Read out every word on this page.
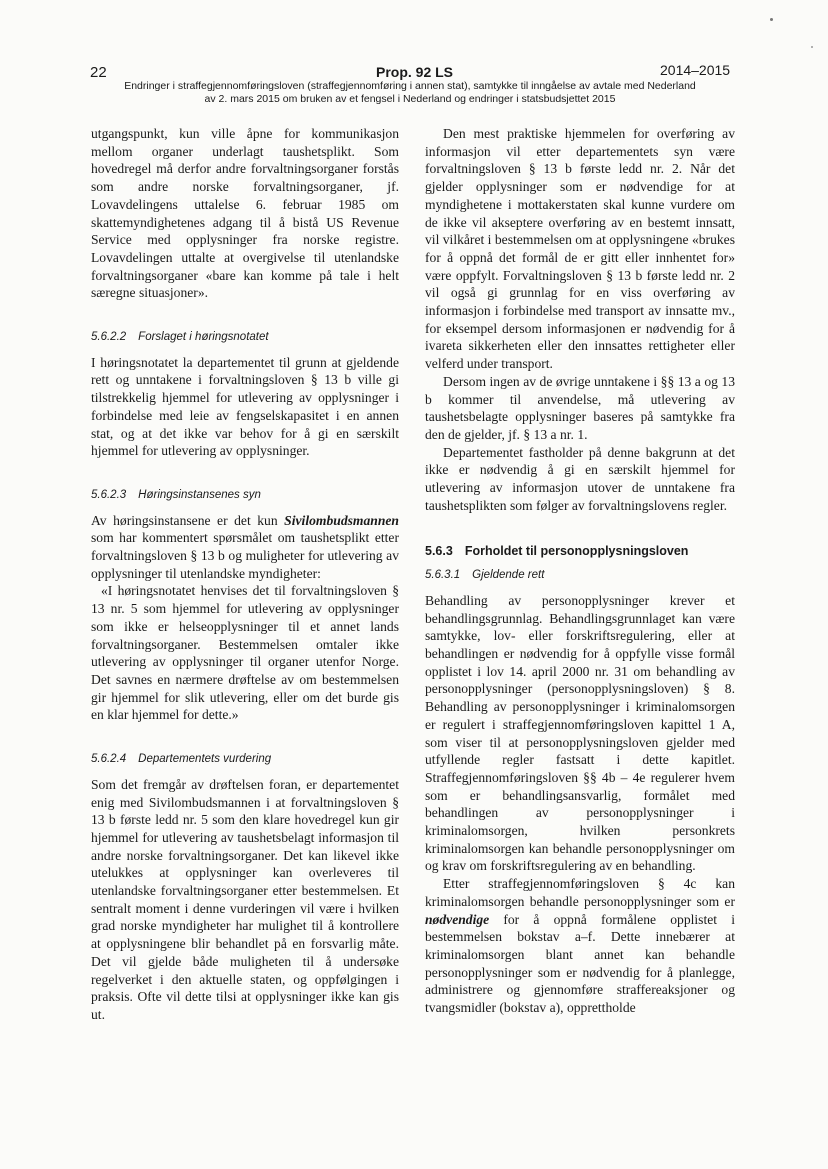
22	Prop. 92 LS	2014–2015
Endringer i straffegjennomføringsloven (straffegjennomføring i annen stat), samtykke til inngåelse av avtale med Nederland
av 2. mars 2015 om bruken av et fengsel i Nederland og endringer i statsbudsjettet 2015

utgangspunkt, kun ville åpne for kommunikasjon mellom organer underlagt taushetsplikt. Som hovedregel må derfor andre forvaltningsorganer forstås som andre norske forvaltningsorganer, jf. Lovavdelingens uttalelse 6. februar 1985 om skattemyndighetenes adgang til å bistå US Revenue Service med opplysninger fra norske registre. Lovavdelingen uttalte at overgivelse til utenlandske forvaltningsorganer «bare kan komme på tale i helt særegne situasjoner».

5.6.2.2 Forslaget i høringsnotatet

I høringsnotatet la departementet til grunn at gjeldende rett og unntakene i forvaltningsloven § 13 b ville gi tilstrekkelig hjemmel for utlevering av opplysninger i forbindelse med leie av fengselskapasitet i en annen stat, og at det ikke var behov for å gi en særskilt hjemmel for utlevering av opplysninger.

5.6.2.3 Høringsinstansenes syn

Av høringsinstansene er det kun Sivilombudsmannen som har kommentert spørsmålet om taushetsplikt etter forvaltningsloven § 13 b og muligheter for utlevering av opplysninger til utenlandske myndigheter:

«I høringsnotatet henvises det til forvaltningsloven § 13 nr. 5 som hjemmel for utlevering av opplysninger som ikke er helseopplysninger til et annet lands forvaltningsorganer. Bestemmelsen omtaler ikke utlevering av opplysninger til organer utenfor Norge. Det savnes en nærmere drøftelse av om bestemmelsen gir hjemmel for slik utlevering, eller om det burde gis en klar hjemmel for dette.»

5.6.2.4 Departementets vurdering

Som det fremgår av drøftelsen foran, er departementet enig med Sivilombudsmannen i at forvaltningsloven § 13 b første ledd nr. 5 som den klare hovedregel kun gir hjemmel for utlevering av taushetsbelagt informasjon til andre norske forvaltningsorganer. Det kan likevel ikke utelukkes at opplysninger kan overleveres til utenlandske forvaltningsorganer etter bestemmelsen. Et sentralt moment i denne vurderingen vil være i hvilken grad norske myndigheter har mulighet til å kontrollere at opplysningene blir behandlet på en forsvarlig måte. Det vil gjelde både muligheten til å undersøke regelverket i den aktuelle staten, og oppfølgingen i praksis. Ofte vil dette tilsi at opplysninger ikke kan gis ut.

Den mest praktiske hjemmelen for overføring av informasjon vil etter departementets syn være forvaltningsloven § 13 b første ledd nr. 2. Når det gjelder opplysninger som er nødvendige for at myndighetene i mottakerstaten skal kunne vurdere om de ikke vil akseptere overføring av en bestemt innsatt, vil vilkåret i bestemmelsen om at opplysningene «brukes for å oppnå det formål de er gitt eller innhentet for» være oppfylt. Forvaltningsloven § 13 b første ledd nr. 2 vil også gi grunnlag for en viss overføring av informasjon i forbindelse med transport av innsatte mv., for eksempel dersom informasjonen er nødvendig for å ivareta sikkerheten eller den innsattes rettigheter eller velferd under transport.

Dersom ingen av de øvrige unntakene i §§ 13 a og 13 b kommer til anvendelse, må utlevering av taushetsbelagte opplysninger baseres på samtykke fra den de gjelder, jf. § 13 a nr. 1.

Departementet fastholder på denne bakgrunn at det ikke er nødvendig å gi en særskilt hjemmel for utlevering av informasjon utover de unntakene fra taushetsplikten som følger av forvaltningslovens regler.

5.6.3 Forholdet til personopplysningsloven
5.6.3.1 Gjeldende rett

Behandling av personopplysninger krever et behandlingsgrunnlag. Behandlingsgrunnlaget kan være samtykke, lov- eller forskriftsregulering, eller at behandlingen er nødvendig for å oppfylle visse formål opplistet i lov 14. april 2000 nr. 31 om behandling av personopplysninger (personopplysningsloven) § 8. Behandling av personopplysninger i kriminalomsorgen er regulert i straffegjennomføringsloven kapittel 1 A, som viser til at personopplysningsloven gjelder med utfyllende regler fastsatt i dette kapitlet. Straffegjennomføringsloven §§ 4b – 4e regulerer hvem som er behandlingsansvarlig, formålet med behandlingen av personopplysninger i kriminalomsorgen, hvilken personkrets kriminalomsorgen kan behandle personopplysninger om og krav om forskriftsregulering av en behandling.

Etter straffegjennomføringsloven § 4c kan kriminalomsorgen behandle personopplysninger som er nødvendige for å oppnå formålene opplistet i bestemmelsen bokstav a–f. Dette innebærer at kriminalomsorgen blant annet kan behandle personopplysninger som er nødvendig for å planlegge, administrere og gjennomføre straffereaksjoner og tvangsmidler (bokstav a), opprettholde
